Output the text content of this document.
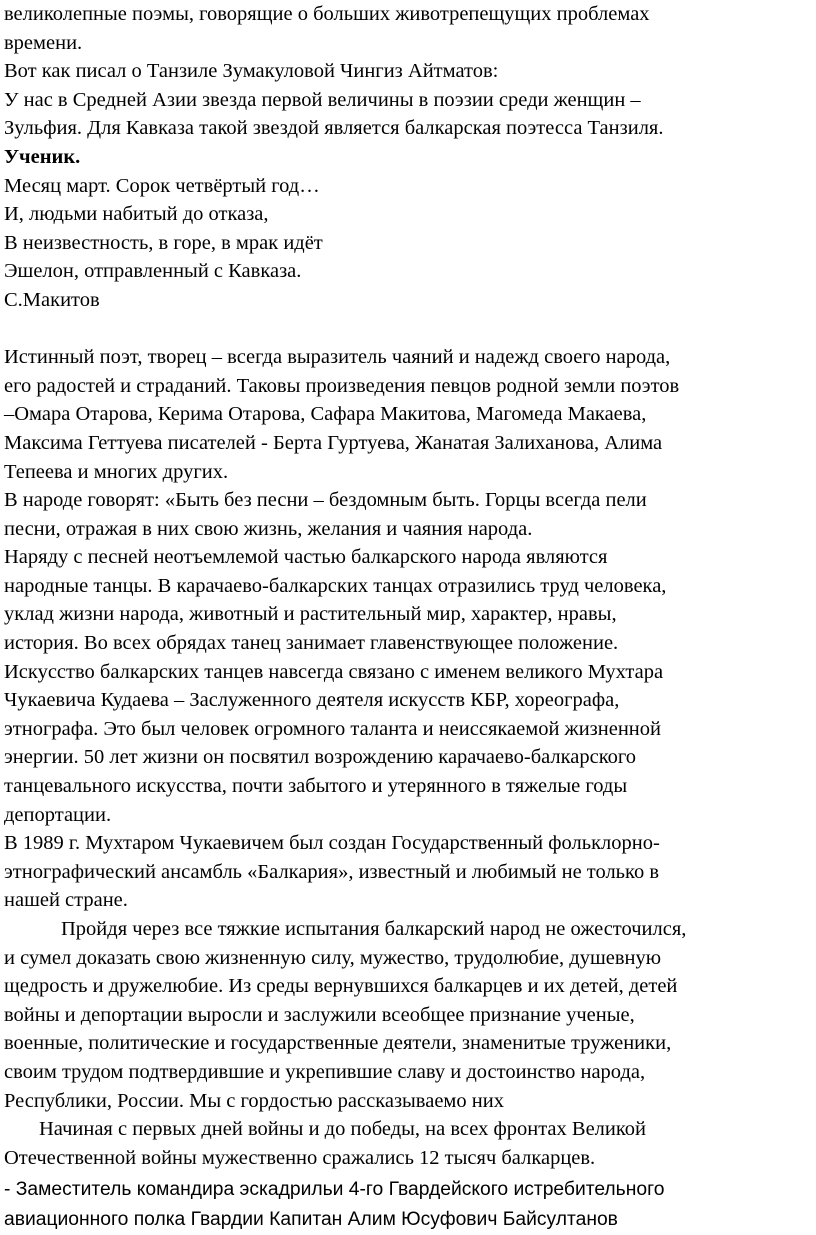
великолепные поэмы, говорящие о больших животрепещущих проблемах
времени.
Вот как писал о Танзиле Зумакуловой Чингиз Айтматов:
У нас в Средней Азии звезда первой величины в поэзии среди женщин –
Зульфия. Для Кавказа такой звездой является балкарская поэтесса Танзиля.
Ученик.
Месяц март. Сорок четвёртый год…
И, людьми набитый до отказа,
В неизвестность, в горе, в мрак идёт
Эшелон, отправленный с Кавказа.
С.Макитов
Истинный поэт, творец – всегда выразитель чаяний и надежд своего народа,
его радостей и страданий. Таковы произведения певцов родной земли поэтов
–Омара Отарова, Керима Отарова, Сафара Макитова, Магомеда Макаева,
Максима Геттуева писателей - Берта Гуртуева, Жанатая Залиханова, Алима
Тепеева и многих других.
В народе говорят: «Быть без песни – бездомным быть. Горцы всегда пели
песни, отражая в них свою жизнь, желания и чаяния народа.
Наряду с песней неотъемлемой частью балкарского народа являются
народные танцы. В карачаево-балкарских танцах отразились труд человека,
уклад жизни народа, животный и растительный мир, характер, нравы,
история. Во всех обрядах танец занимает главенствующее положение.
Искусство балкарских танцев навсегда связано с именем великого Мухтара
Чукаевича Кудаева – Заслуженного деятеля искусств КБР, хореографа,
этнографа. Это был человек огромного таланта и неиссякаемой жизненной
энергии. 50 лет жизни он посвятил возрождению карачаево-балкарского
танцевального искусства, почти забытого и утерянного в тяжелые годы
депортации.
В 1989 г. Мухтаром Чукаевичем был создан Государственный фольклорно-
этнографический ансамбль «Балкария», известный и любимый не только в
нашей стране.
Пройдя через все тяжкие испытания балкарский народ не ожесточился,
и сумел доказать свою жизненную силу, мужество, трудолюбие, душевную
щедрость и дружелюбие. Из среды вернувшихся балкарцев и их детей, детей
войны и депортации выросли и заслужили всеобщее признание ученые,
военные, политические и государственные деятели, знаменитые труженики,
своим трудом подтвердившие и укрепившие славу и достоинство народа,
Республики, России. Мы с гордостью рассказываемо них
Начиная с первых дней войны и до победы, на всех фронтах Великой
Отечественной войны мужественно сражались 12 тысяч балкарцев.
- Заместитель командира эскадрильи 4-го Гвардейского истребительного
авиационного полка Гвардии Капитан Алим Юсуфович Байсултанов
